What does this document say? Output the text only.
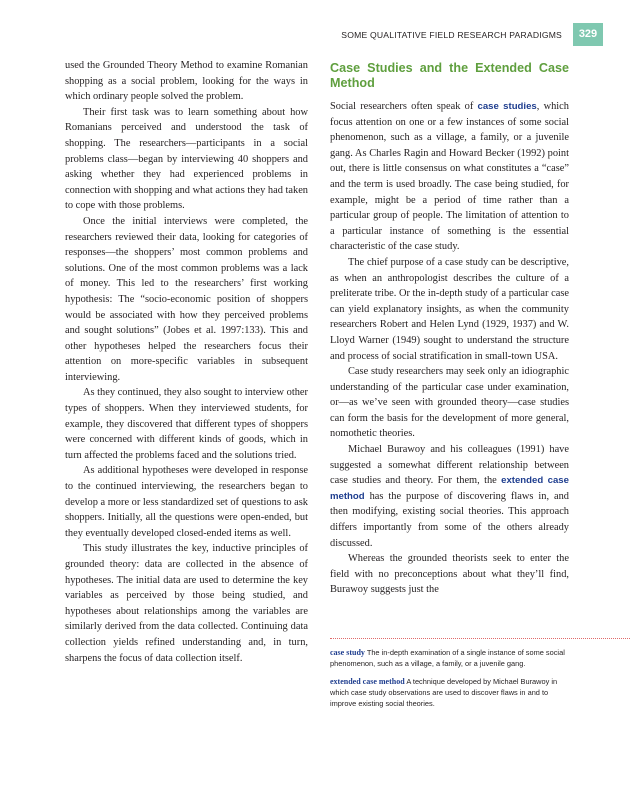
SOME QUALITATIVE FIELD RESEARCH PARADIGMS	329

used the Grounded Theory Method to examine Romanian shopping as a social problem, looking for the ways in which ordinary people solved the problem.

Their first task was to learn something about how Romanians perceived and understood the task of shopping. The researchers—participants in a social problems class—began by interviewing 40 shoppers and asking whether they had experienced problems in connection with shopping and what actions they had taken to cope with those problems.

Once the initial interviews were completed, the researchers reviewed their data, looking for categories of responses—the shoppers’ most common problems and solutions. One of the most common problems was a lack of money. This led to the researchers’ first working hypothesis: The “socio-economic position of shoppers would be associated with how they perceived problems and sought solutions” (Jobes et al. 1997:133). This and other hypotheses helped the researchers focus their attention on more-specific variables in subsequent interviewing.

As they continued, they also sought to interview other types of shoppers. When they interviewed students, for example, they discovered that different types of shoppers were concerned with different kinds of goods, which in turn affected the problems faced and the solutions tried.

As additional hypotheses were developed in response to the continued interviewing, the researchers began to develop a more or less standardized set of questions to ask shoppers. Initially, all the questions were open-ended, but they eventually developed closed-ended items as well.

This study illustrates the key, inductive principles of grounded theory: data are collected in the absence of hypotheses. The initial data are used to determine the key variables as perceived by those being studied, and hypotheses about relationships among the variables are similarly derived from the data collected. Continuing data collection yields refined understanding and, in turn, sharpens the focus of data collection itself.

Case Studies and the Extended Case Method

Social researchers often speak of case studies, which focus attention on one or a few instances of some social phenomenon, such as a village, a family, or a juvenile gang. As Charles Ragin and Howard Becker (1992) point out, there is little consensus on what constitutes a “case” and the term is used broadly. The case being studied, for example, might be a period of time rather than a particular group of people. The limitation of attention to a particular instance of something is the essential characteristic of the case study.

The chief purpose of a case study can be descriptive, as when an anthropologist describes the culture of a preliterate tribe. Or the in-depth study of a particular case can yield explanatory insights, as when the community researchers Robert and Helen Lynd (1929, 1937) and W. Lloyd Warner (1949) sought to understand the structure and process of social stratification in small-town USA.

Case study researchers may seek only an idiographic understanding of the particular case under examination, or—as we’ve seen with grounded theory—case studies can form the basis for the development of more general, nomothetic theories.

Michael Burawoy and his colleagues (1991) have suggested a somewhat different relationship between case studies and theory. For them, the extended case method has the purpose of discovering flaws in, and then modifying, existing social theories. This approach differs importantly from some of the others already discussed.

Whereas the grounded theorists seek to enter the field with no preconceptions about what they’ll find, Burawoy suggests just the

case study The in-depth examination of a single instance of some social phenomenon, such as a village, a family, or a juvenile gang.
extended case method A technique developed by Michael Burawoy in which case study observations are used to discover flaws in and to improve existing social theories.
